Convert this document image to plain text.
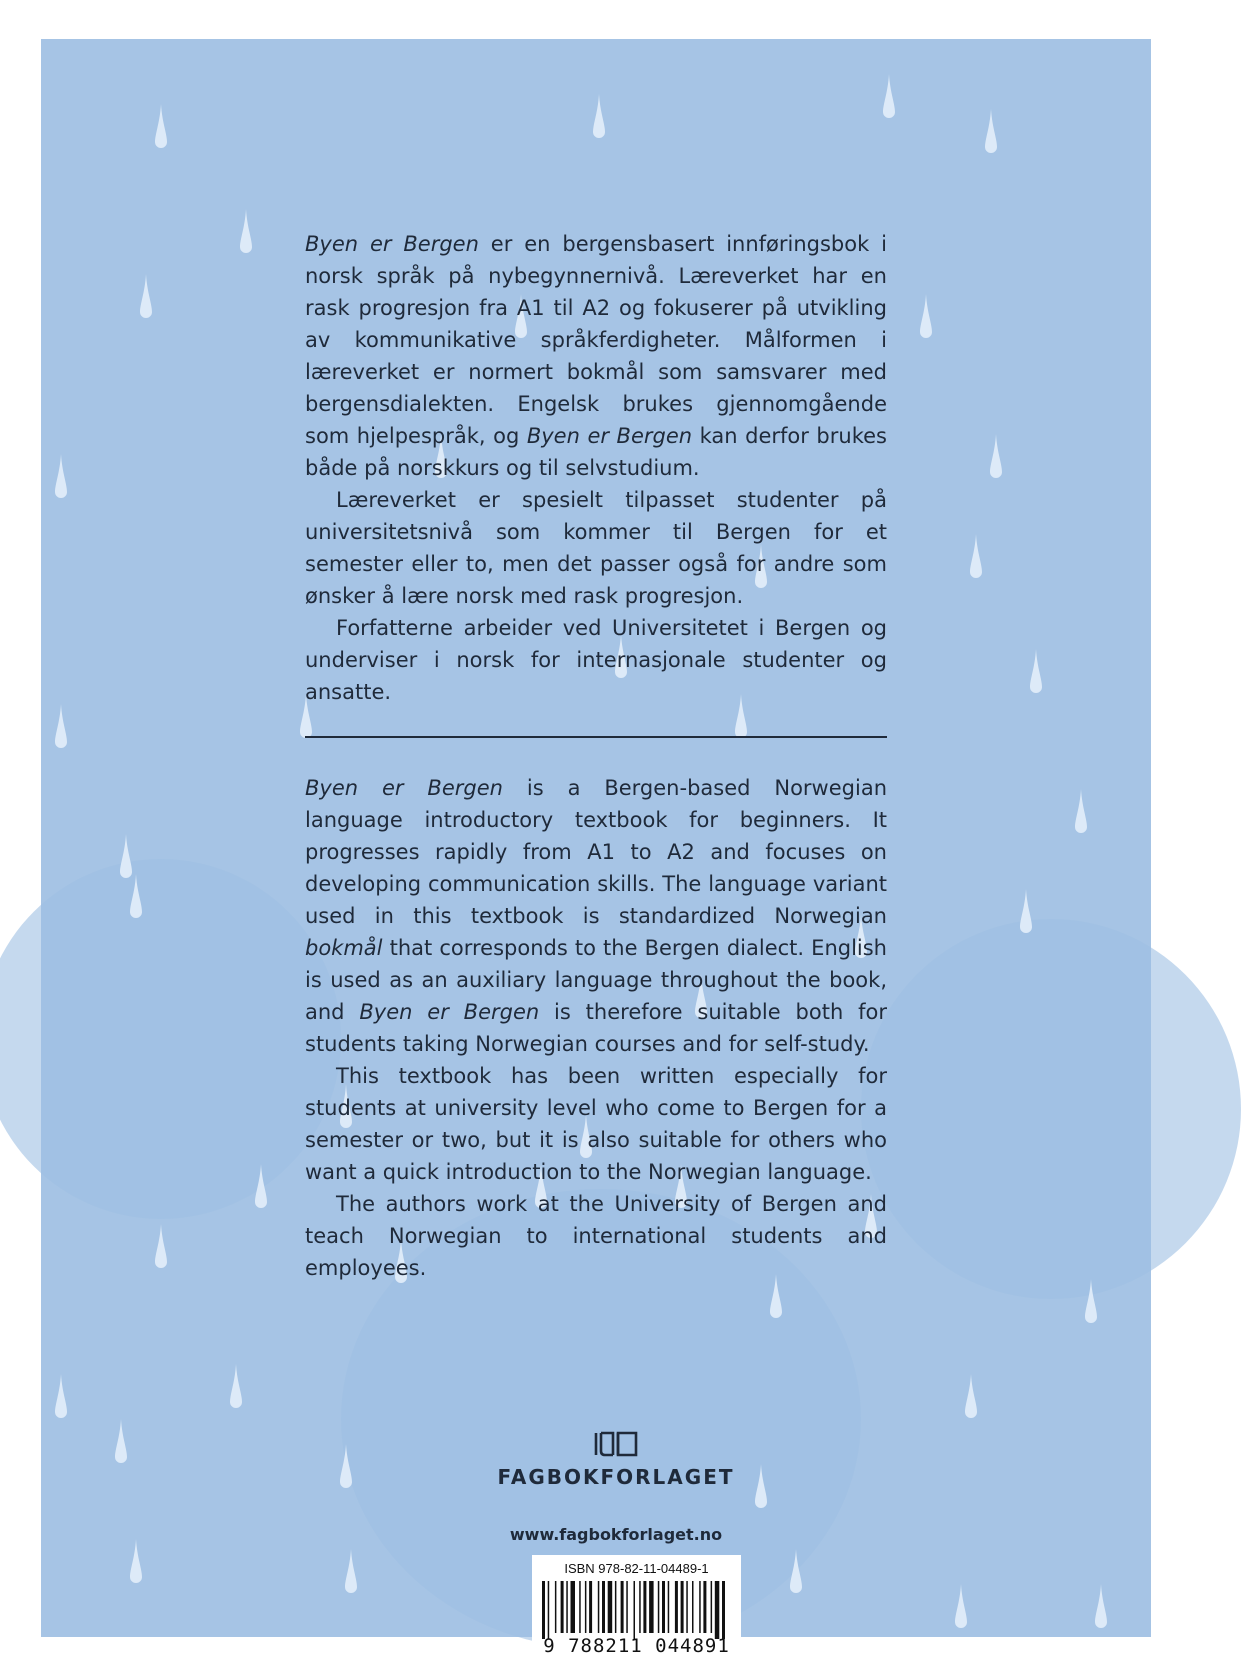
Byen er Bergen er en bergensbasert innføringsbok i norsk språk på nybegynnernivå. Læreverket har en rask progresjon fra A1 til A2 og fokuserer på utvikling av kommunikative språkferdigheter. Målformen i læreverket er normert bokmål som samsvarer med bergensdialekten. Engelsk brukes gjennomgående som hjelpespråk, og Byen er Bergen kan derfor brukes både på norskkurs og til selvstudium.

Læreverket er spesielt tilpasset studenter på universitetsnivå som kommer til Bergen for et semester eller to, men det passer også for andre som ønsker å lære norsk med rask progresjon.

Forfatterne arbeider ved Universitetet i Bergen og underviser i norsk for internasjonale studenter og ansatte.

Byen er Bergen is a Bergen-based Norwegian language introductory textbook for beginners. It progresses rapidly from A1 to A2 and focuses on developing communication skills. The language variant used in this textbook is standardized Norwegian bokmål that corresponds to the Bergen dialect. English is used as an auxiliary language throughout the book, and Byen er Bergen is therefore suitable both for students taking Norwegian courses and for self-study.

This textbook has been written especially for students at university level who come to Bergen for a semester or two, but it is also suitable for others who want a quick introduction to the Norwegian language.

The authors work at the University of Bergen and teach Norwegian to international students and employees.

FAGBOKFORLAGET
www.fagbokforlaget.no
ISBN 978-82-11-04489-1
9 788211 044891
